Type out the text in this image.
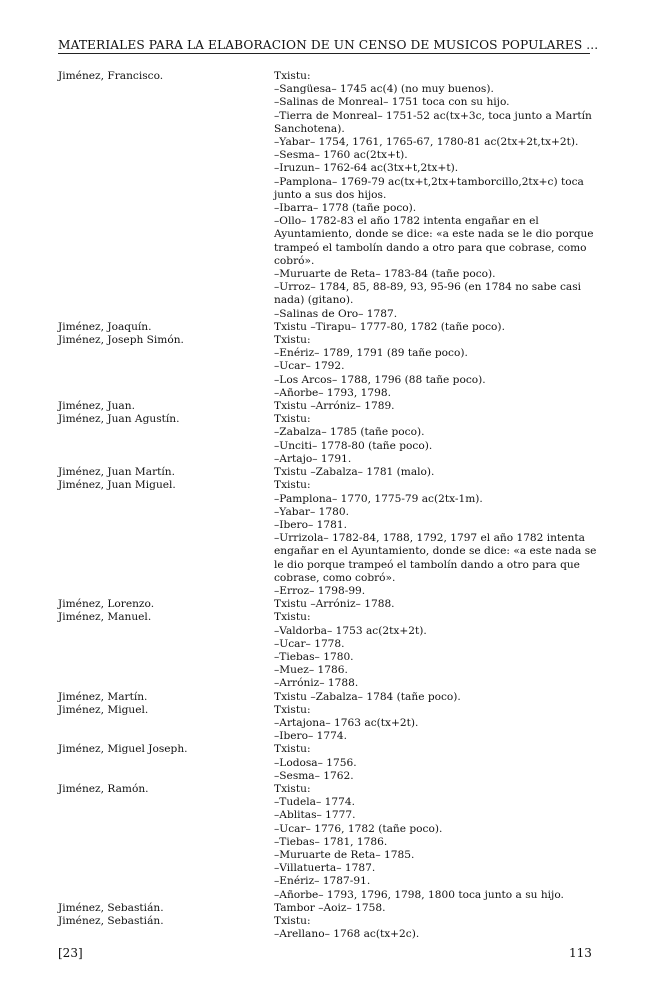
MATERIALES PARA LA ELABORACION DE UN CENSO DE MUSICOS POPULARES ...
Jiménez, Francisco.	Txistu:
–Sangüesa– 1745 ac(4) (no muy buenos).
–Salinas de Monreal– 1751 toca con su hijo.
–Tierra de Monreal– 1751-52 ac(tx+3c, toca junto a Martín
Sanchotena).
–Yabar– 1754, 1761, 1765-67, 1780-81 ac(2tx+2t,tx+2t).
–Sesma– 1760 ac(2tx+t).
–Iruzun– 1762-64 ac(3tx+t,2tx+t).
–Pamplona– 1769-79 ac(tx+t,2tx+tamborcillo,2tx+c) toca
junto a sus dos hijos.
–Ibarra– 1778 (tañe poco).
–Ollo– 1782-83 el año 1782 intenta engañar en el
Ayuntamiento, donde se dice: «a este nada se le dio porque
trampeó el tambolín dando a otro para que cobrase, como
cobró».
–Muruarte de Reta– 1783-84 (tañe poco).
–Urroz– 1784, 85, 88-89, 93, 95-96 (en 1784 no sabe casi
nada) (gitano).
–Salinas de Oro– 1787.
Jiménez, Joaquín.	Txistu –Tirapu– 1777-80, 1782 (tañe poco).
Jiménez, Joseph Simón.	Txistu:
–Enériz– 1789, 1791 (89 tañe poco).
–Ucar– 1792.
–Los Arcos– 1788, 1796 (88 tañe poco).
–Añorbe– 1793, 1798.
Jiménez, Juan.	Txistu –Arróniz– 1789.
Jiménez, Juan Agustín.	Txistu:
–Zabalza– 1785 (tañe poco).
–Unciti– 1778-80 (tañe poco).
–Artajo– 1791.
Jiménez, Juan Martín.	Txistu –Zabalza– 1781 (malo).
Jiménez, Juan Miguel.	Txistu:
–Pamplona– 1770, 1775-79 ac(2tx-1m).
–Yabar– 1780.
–Ibero– 1781.
–Urrizola– 1782-84, 1788, 1792, 1797 el año 1782 intenta
engañar en el Ayuntamiento, donde se dice: «a este nada se
le dio porque trampeó el tambolín dando a otro para que
cobrase, como cobró».
–Erroz– 1798-99.
Jiménez, Lorenzo.	Txistu –Arróniz– 1788.
Jiménez, Manuel.	Txistu:
–Valdorba– 1753 ac(2tx+2t).
–Ucar– 1778.
–Tiebas– 1780.
–Muez– 1786.
–Arróniz– 1788.
Jiménez, Martín.	Txistu –Zabalza– 1784 (tañe poco).
Jiménez, Miguel.	Txistu:
–Artajona– 1763 ac(tx+2t).
–Ibero– 1774.
Jiménez, Miguel Joseph.	Txistu:
–Lodosa– 1756.
–Sesma– 1762.
Jiménez, Ramón.	Txistu:
–Tudela– 1774.
–Ablitas– 1777.
–Ucar– 1776, 1782 (tañe poco).
–Tiebas– 1781, 1786.
–Muruarte de Reta– 1785.
–Villatuerta– 1787.
–Enériz– 1787-91.
–Añorbe– 1793, 1796, 1798, 1800 toca junto a su hijo.
Jiménez, Sebastián.	Tambor –Aoiz– 1758.
Jiménez, Sebastián.	Txistu:
–Arellano– 1768 ac(tx+2c).
[23]	113
